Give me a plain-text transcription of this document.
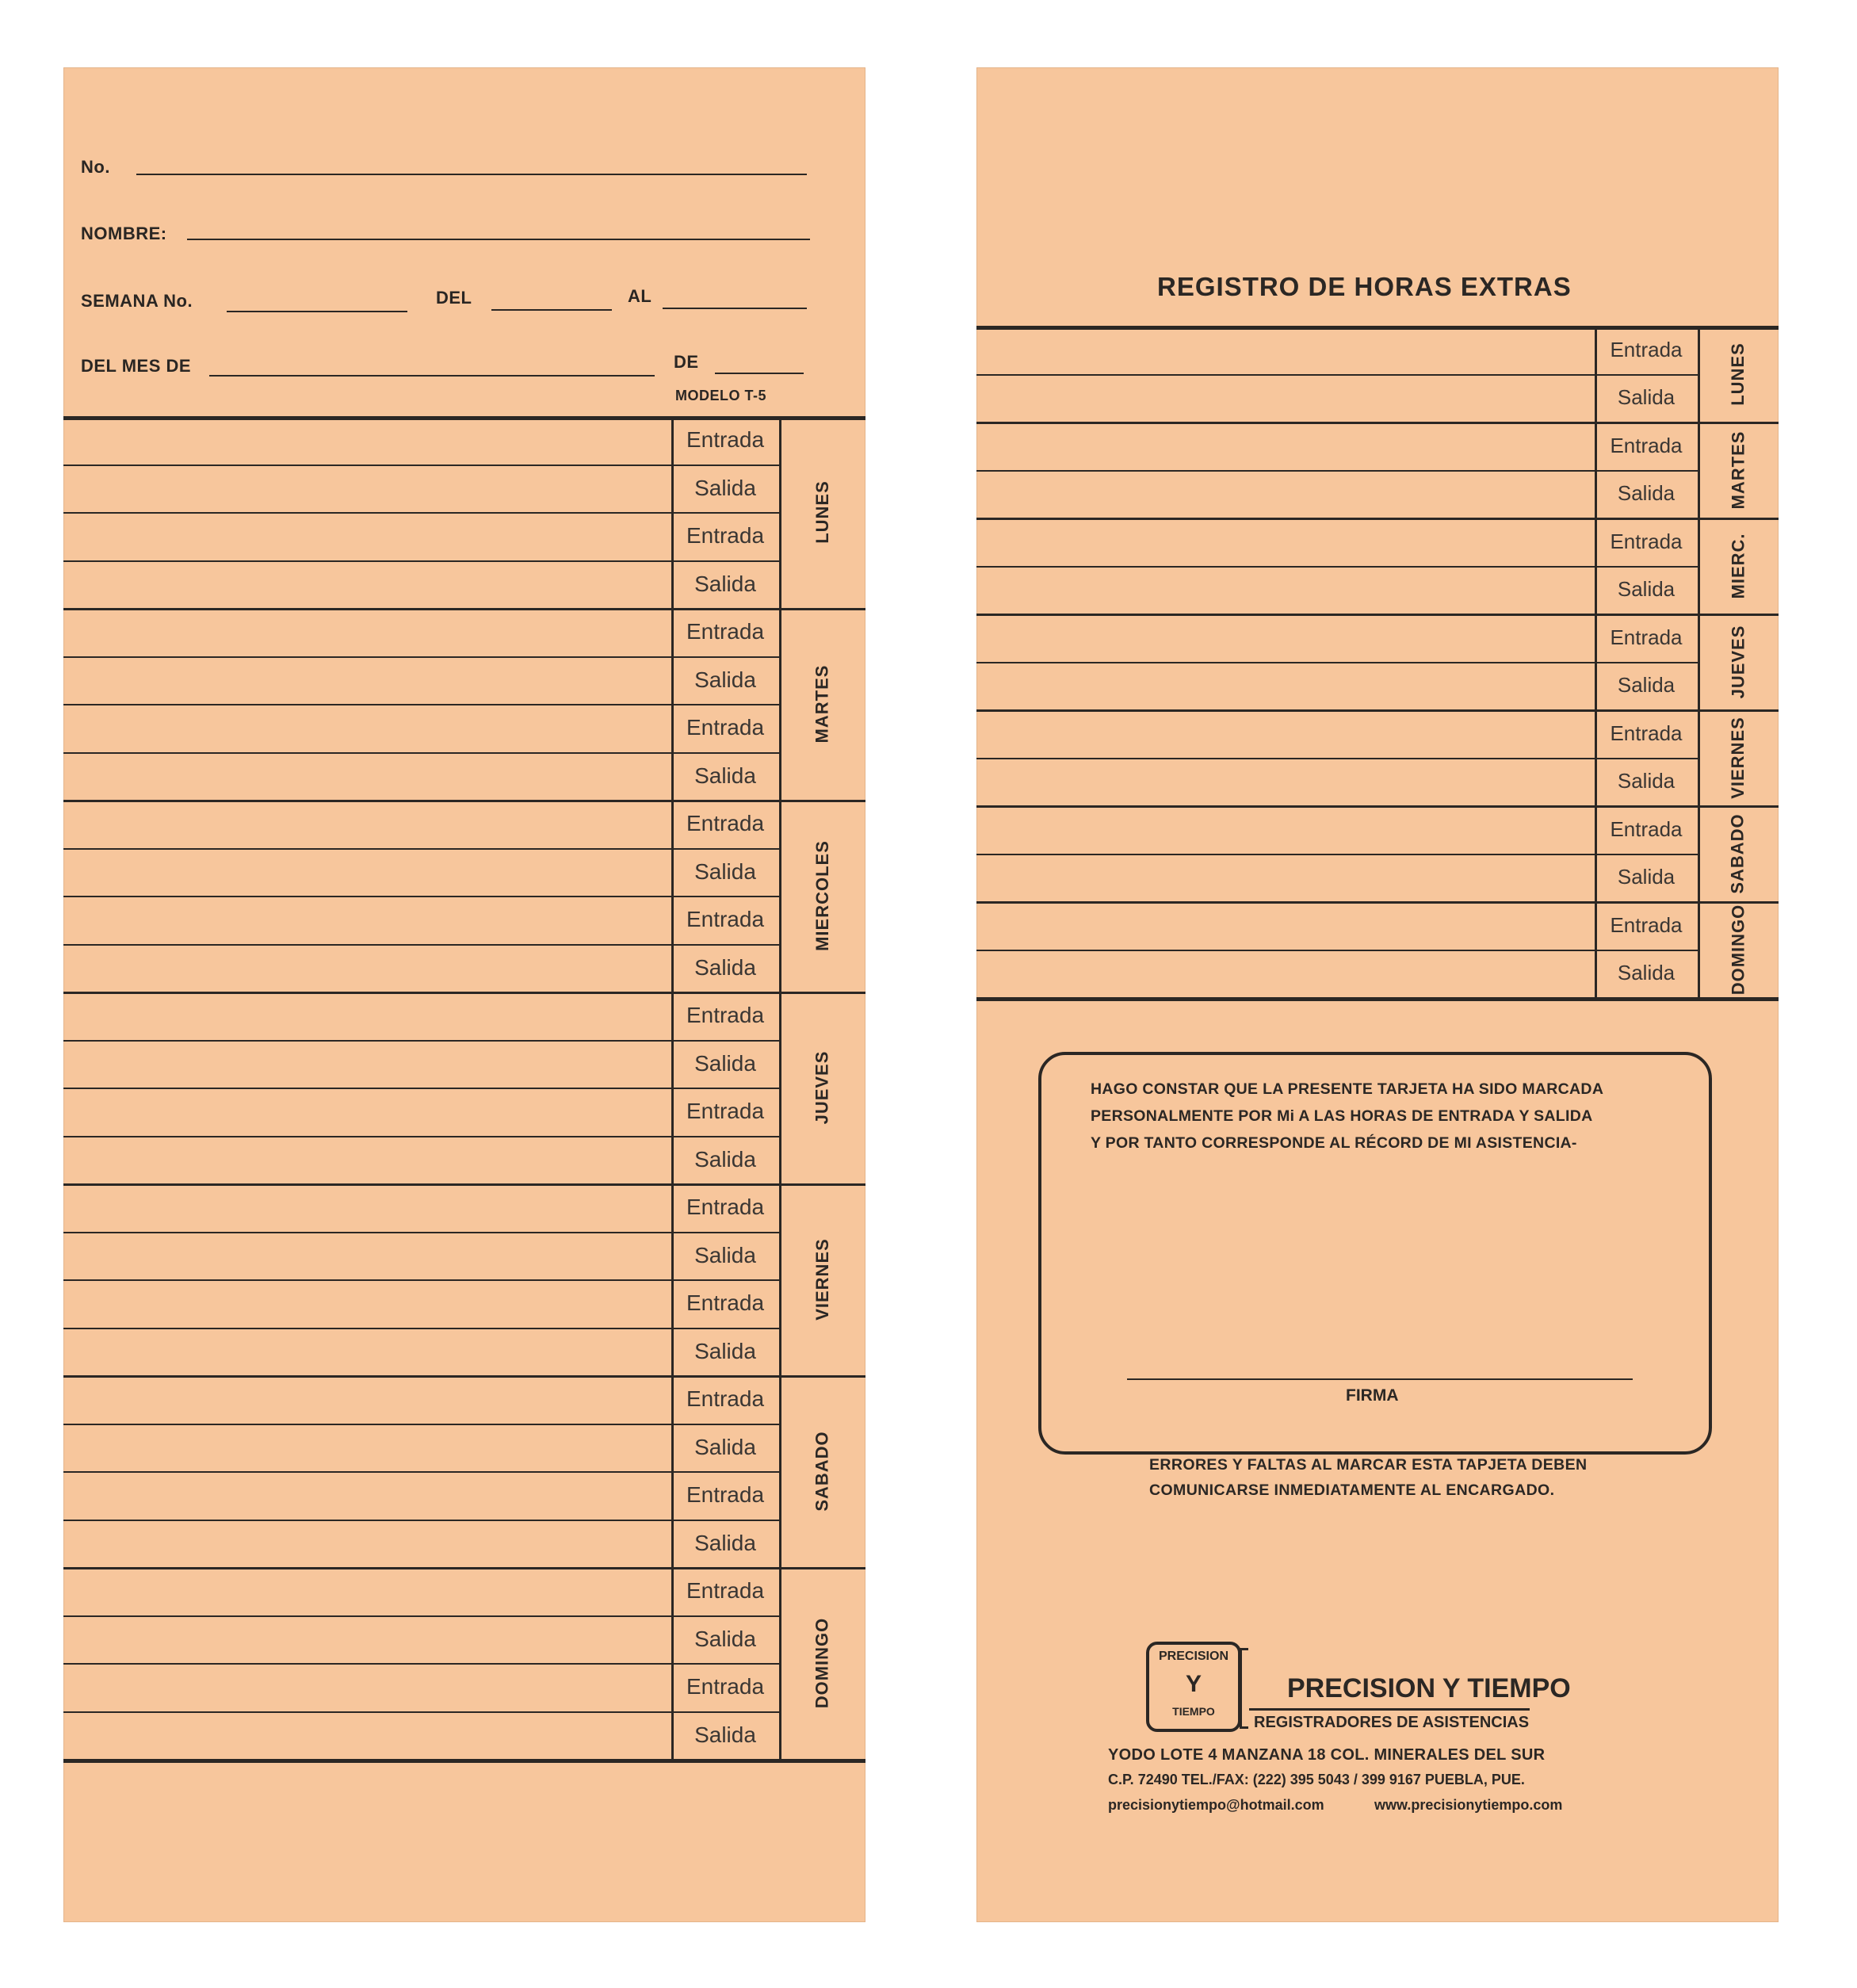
No.
NOMBRE:
SEMANA No.	DEL	AL
DEL MES DE	DE
MODELO T-5
Entrada
Salida
Entrada
Salida
LUNES
Entrada
Salida
Entrada
Salida
MARTES
Entrada
Salida
Entrada
Salida
MIERCOLES
Entrada
Salida
Entrada
Salida
JUEVES
Entrada
Salida
Entrada
Salida
VIERNES
Entrada
Salida
Entrada
Salida
SABADO
Entrada
Salida
Entrada
Salida
DOMINGO
REGISTRO DE HORAS EXTRAS
Entrada
Salida	LUNES
Entrada
Salida	MARTES
Entrada
Salida	MIERC.
Entrada
Salida	JUEVES
Entrada
Salida	VIERNES
Entrada
Salida	SABADO
Entrada
Salida	DOMINGO
HAGO CONSTAR QUE LA PRESENTE TARJETA HA SIDO MARCADA
PERSONALMENTE POR Mi A LAS HORAS DE ENTRADA Y SALIDA
Y POR TANTO CORRESPONDE AL RÉCORD DE MI ASISTENCIA-
FIRMA
ERRORES Y FALTAS AL MARCAR ESTA TAPJETA DEBEN
COMUNICARSE INMEDIATAMENTE AL ENCARGADO.
PRECISION
Y
TIEMPO
PRECISION Y TIEMPO
REGISTRADORES DE ASISTENCIAS
YODO LOTE 4 MANZANA 18 COL. MINERALES DEL SUR
C.P. 72490 TEL./FAX: (222) 395 5043 / 399 9167 PUEBLA, PUE.
precisionytiempo@hotmail.com	www.precisionytiempo.com
